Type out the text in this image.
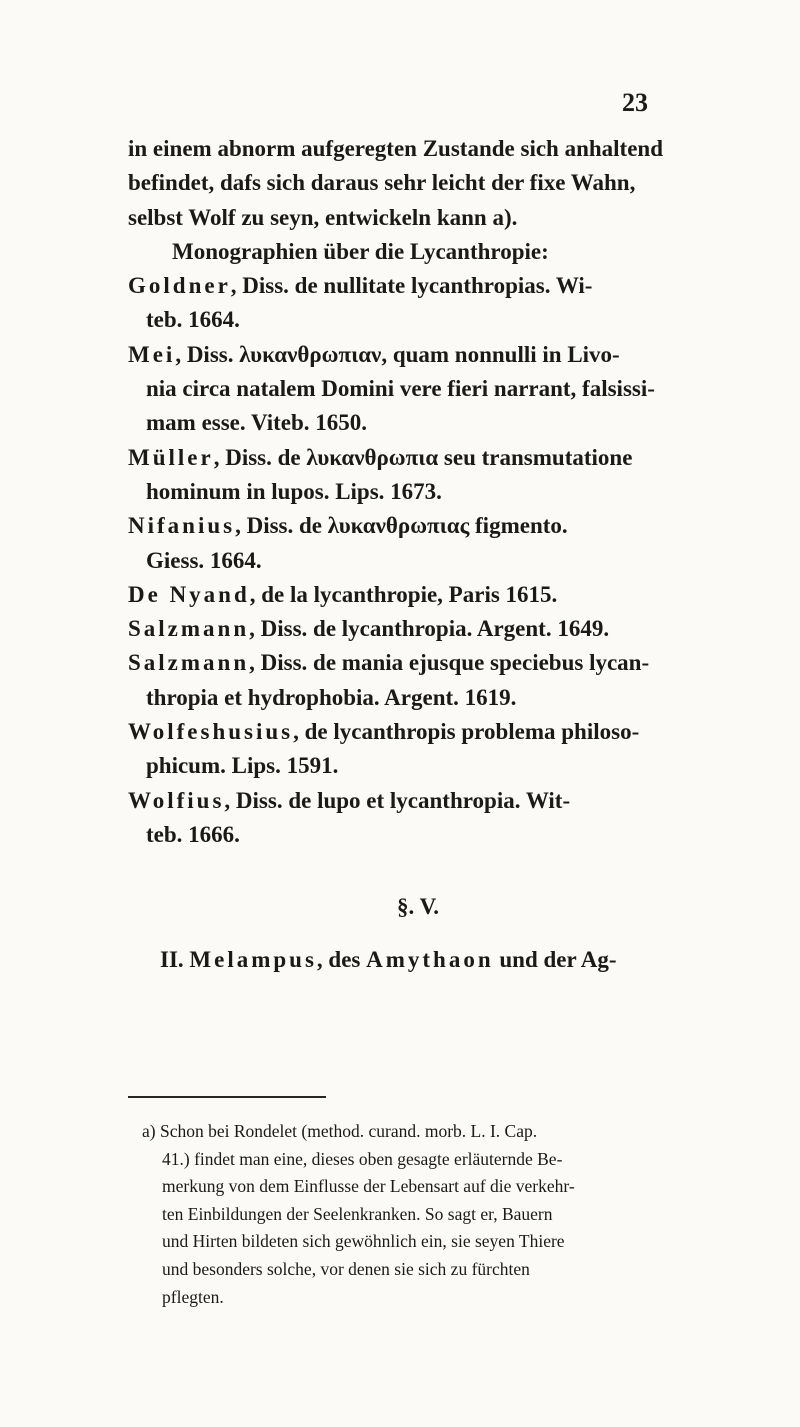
23
in einem abnorm aufgeregten Zustande sich anhaltend
befindet, dafs sich daraus sehr leicht der fixe Wahn,
selbst Wolf zu seyn, entwickeln kann a).
Monographien über die Lycanthropie:
Goldner, Diss. de nullitate lycanthropias. Wi-
teb. 1664.
Mei, Diss. λυκανθρωπιαν, quam nonnulli in Livo-
nia circa natalem Domini vere fieri narrant, falsissi-
mam esse. Viteb. 1650.
Müller, Diss. de λυκανθρωπια seu transmutatione
hominum in lupos. Lips. 1673.
Nifanius, Diss. de λυκανθρωπιας figmento.
Giess. 1664.
De Nyand, de la lycanthropie, Paris 1615.
Salzmann, Diss. de lycanthropia. Argent. 1649.
Salzmann, Diss. de mania ejusque speciebus lycan-
thropia et hydrophobia. Argent. 1619.
Wolfeshusius, de lycanthropis problema philoso-
phicum. Lips. 1591.
Wolfius, Diss. de lupo et lycanthropia. Wit-
teb. 1666.
§. V.
II. Melampus, des Amythaon und der Ag-
a) Schon bei Rondelet (method. curand. morb. L. I. Cap.
41.) findet man eine, dieses oben gesagte erläuternde Be-
merkung von dem Einflusse der Lebensart auf die verkehr-
ten Einbildungen der Seelenkranken. So sagt er, Bauern
und Hirten bildeten sich gewöhnlich ein, sie seyen Thiere
und besonders solche, vor denen sie sich zu fürchten
pflegten.
